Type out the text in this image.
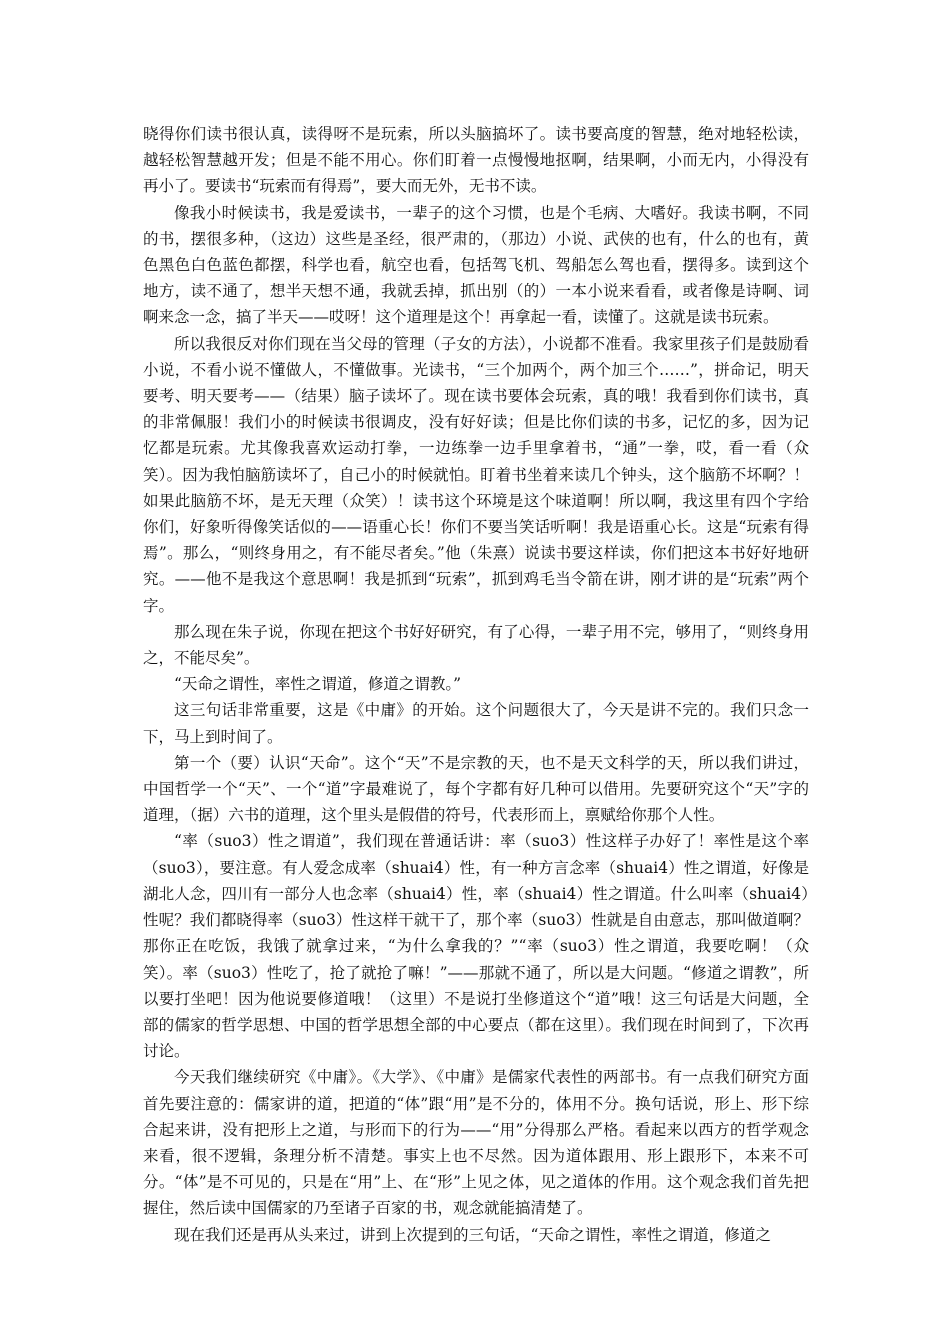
晓得你们读书很认真，读得呀不是玩索，所以头脑搞坏了。读书要高度的智慧，绝对地轻松读，越轻松智慧越开发；但是不能不用心。你们盯着一点慢慢地抠啊，结果啊，小而无内，小得没有再小了。要读书“玩索而有得焉”，要大而无外，无书不读。

像我小时候读书，我是爱读书，一辈子的这个习惯，也是个毛病、大嗜好。我读书啊，不同的书，摆很多种，（这边）这些是圣经，很严肃的，（那边）小说、武侠的也有，什么的也有，黄色黑色白色蓝色都摆，科学也看，航空也看，包括驾飞机、驾船怎么驾也看，摆得多。读到这个地方，读不通了，想半天想不通，我就丢掉，抓出别（的）一本小说来看看，或者像是诗啊、词啊来念一念，搞了半天——哎呀！这个道理是这个！再拿起一看，读懂了。这就是读书玩索。

所以我很反对你们现在当父母的管理（子女的方法），小说都不准看。我家里孩子们是鼓励看小说，不看小说不懂做人，不懂做事。光读书，“三个加两个，两个加三个……”，拼命记，明天要考、明天要考——（结果）脑子读坏了。现在读书要体会玩索，真的哦！我看到你们读书，真的非常佩服！我们小的时候读书很调皮，没有好好读；但是比你们读的书多，记忆的多，因为记忆都是玩索。尤其像我喜欢运动打拳，一边练拳一边手里拿着书，“通”一拳，哎，看一看（众笑）。因为我怕脑筋读坏了，自己小的时候就怕。盯着书坐着来读几个钟头，这个脑筋不坏啊？！如果此脑筋不坏，是无天理（众笑）！读书这个环境是这个味道啊！所以啊，我这里有四个字给你们，好象听得像笑话似的——语重心长！你们不要当笑话听啊！我是语重心长。这是“玩索有得焉”。那么，“则终身用之，有不能尽者矣。”他（朱熹）说读书要这样读，你们把这本书好好地研究。——他不是我这个意思啊！我是抓到“玩索”，抓到鸡毛当令箭在讲，刚才讲的是“玩索”两个字。

那么现在朱子说，你现在把这个书好好研究，有了心得，一辈子用不完，够用了，“则终身用之，不能尽矣”。

“天命之谓性，率性之谓道，修道之谓教。”

这三句话非常重要，这是《中庸》的开始。这个问题很大了，今天是讲不完的。我们只念一下，马上到时间了。

第一个（要）认识“天命”。这个“天”不是宗教的天，也不是天文科学的天，所以我们讲过，中国哲学一个“天”、一个“道”字最难说了，每个字都有好几种可以借用。先要研究这个“天”字的道理，（据）六书的道理，这个里头是假借的符号，代表形而上，禀赋给你那个人性。

“率（suo3）性之谓道”，我们现在普通话讲：率（suo3）性这样子办好了！率性是这个率（suo3），要注意。有人爱念成率（shuai4）性，有一种方言念率（shuai4）性之谓道，好像是湖北人念，四川有一部分人也念率（shuai4）性，率（shuai4）性之谓道。什么叫率（shuai4）性呢？我们都晓得率（suo3）性这样干就干了，那个率（suo3）性就是自由意志，那叫做道啊？那你正在吃饭，我饿了就拿过来，“为什么拿我的？”“率（suo3）性之谓道，我要吃啊！（众笑）。率（suo3）性吃了，抢了就抢了嘛！”——那就不通了，所以是大问题。“修道之谓教”，所以要打坐吧！因为他说要修道哦！（这里）不是说打坐修道这个“道”哦！这三句话是大问题，全部的儒家的哲学思想、中国的哲学思想全部的中心要点（都在这里）。我们现在时间到了，下次再讨论。

今天我们继续研究《中庸》。《大学》、《中庸》是儒家代表性的两部书。有一点我们研究方面首先要注意的：儒家讲的道，把道的“体”跟“用”是不分的，体用不分。换句话说，形上、形下综合起来讲，没有把形上之道，与形而下的行为——“用”分得那么严格。看起来以西方的哲学观念来看，很不逻辑，条理分析不清楚。事实上也不尽然。因为道体跟用、形上跟形下，本来不可分。“体”是不可见的，只是在“用”上、在“形”上见之体，见之道体的作用。这个观念我们首先把握住，然后读中国儒家的乃至诸子百家的书，观念就能搞清楚了。

现在我们还是再从头来过，讲到上次提到的三句话，“天命之谓性，率性之谓道，修道之
